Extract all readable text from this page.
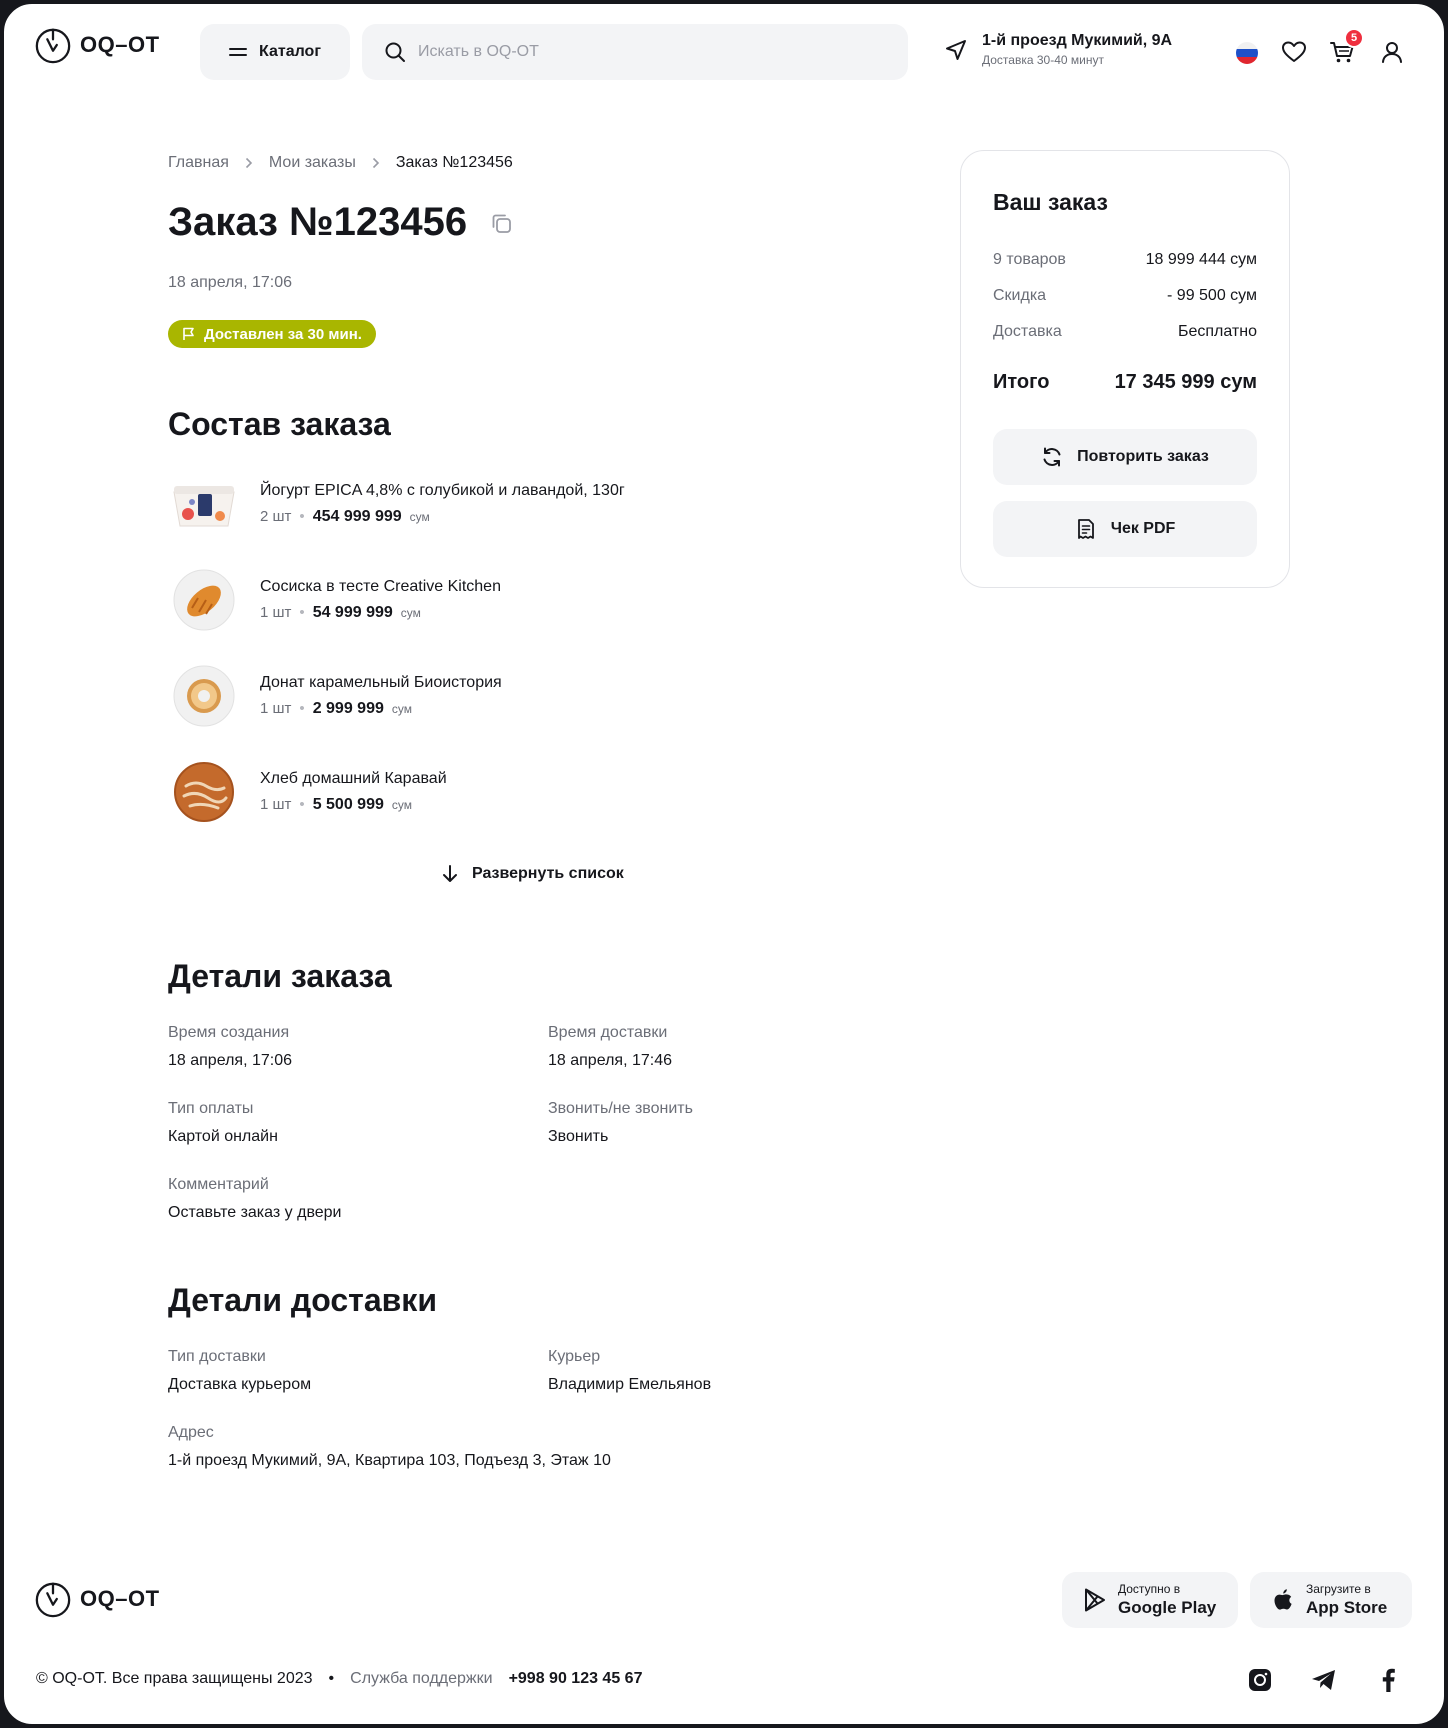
OQ–OT	Каталог
Искать в OQ-OT
1-й проезд Мукимий, 9А
Доставка 30-40 минут
5
Главная	Мои заказы	Заказ №123456
Заказ №123456
18 апреля, 17:06
Доставлен за 30 мин.
Состав заказа
Йогурт EPICA 4,8% с голубикой и лавандой, 130г
2 шт • 454 999 999 сум
Сосиска в тесте Creative Kitchen
1 шт • 54 999 999 сум
Донат карамельный Биоистория
1 шт • 2 999 999 сум
Хлеб домашний Каравай
1 шт • 5 500 999 сум
Развернуть список
Детали заказа
Время создания
18 апреля, 17:06
Время доставки
18 апреля, 17:46
Тип оплаты
Картой онлайн
Звонить/не звонить
Звонить
Комментарий
Оставьте заказ у двери
Детали доставки
Тип доставки
Доставка курьером
Курьер
Владимир Емельянов
Адрес
1-й проезд Мукимий, 9А, Квартира 103, Подъезд 3, Этаж 10
Ваш заказ
9 товаров	18 999 444 сум
Скидка	- 99 500 сум
Доставка	Бесплатно
Итого	17 345 999 сум
Повторить заказ
Чек PDF
OQ–OT	Доступно в
Google Play
Загрузите в
App Store
© OQ-OT. Все права защищены 2023 • Служба поддержки +998 90 123 45 67
